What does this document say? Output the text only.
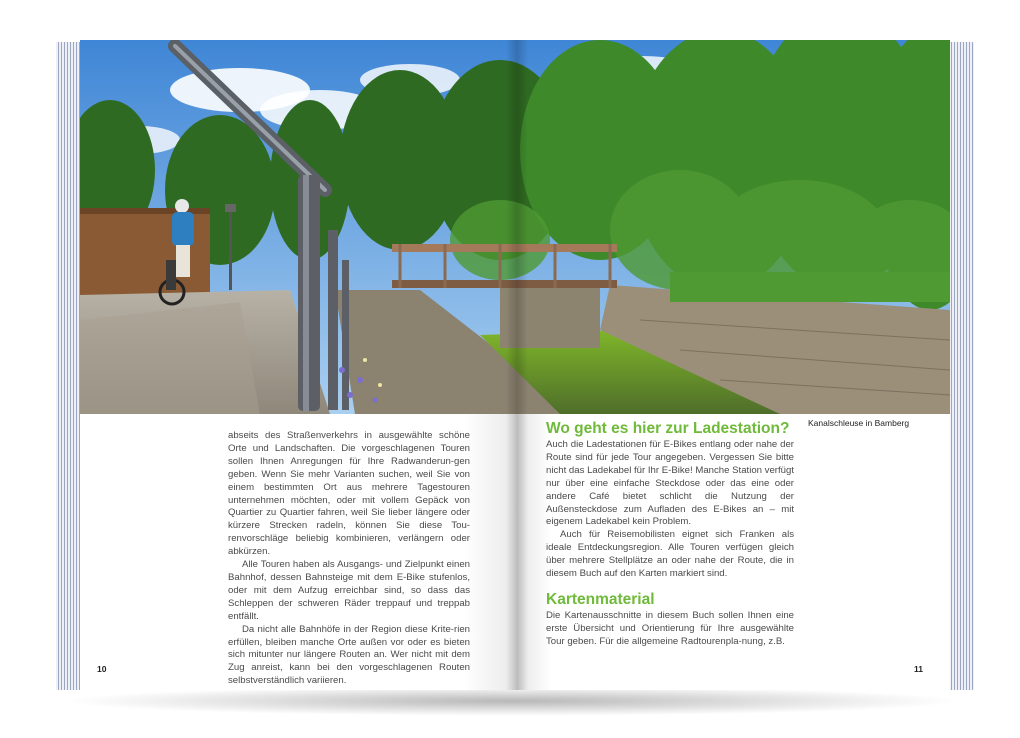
Kanalschleuse in Bamberg

abseits des Straßenverkehrs in ausgewählte schöne Orte und Landschaften. Die vorgeschlagenen Touren sollen Ihnen Anregungen für Ihre Radwanderun-gen geben. Wenn Sie mehr Varianten suchen, weil Sie von einem bestimmten Ort aus mehrere Tagestouren unternehmen möchten, oder mit vollem Gepäck von Quartier zu Quartier fahren, weil Sie lieber längere oder kürzere Strecken radeln, können Sie diese Tou-renvorschläge beliebig kombinieren, verlängern oder abkürzen.

Alle Touren haben als Ausgangs- und Zielpunkt einen Bahnhof, dessen Bahnsteige mit dem E-Bike stufenlos, oder mit dem Aufzug erreichbar sind, so dass das Schleppen der schweren Räder treppauf und treppab entfällt.

Da nicht alle Bahnhöfe in der Region diese Krite-rien erfüllen, bleiben manche Orte außen vor oder es bieten sich mitunter nur längere Routen an. Wer nicht mit dem Zug anreist, kann bei den vorgeschlagenen Routen selbstverständlich variieren.

Wo geht es hier zur Ladestation?

Auch die Ladestationen für E-Bikes entlang oder nahe der Route sind für jede Tour angegeben. Vergessen Sie bitte nicht das Ladekabel für Ihr E-Bike! Manche Station verfügt nur über eine einfache Steckdose oder das eine oder andere Café bietet schlicht die Nutzung der Außensteckdose zum Aufladen des E-Bikes an – mit eigenem Ladekabel kein Problem.

Auch für Reisemobilisten eignet sich Franken als ideale Entdeckungsregion. Alle Touren verfügen gleich über mehrere Stellplätze an oder nahe der Route, die in diesem Buch auf den Karten markiert sind.

Kartenmaterial

Die Kartenausschnitte in diesem Buch sollen Ihnen eine erste Übersicht und Orientierung für Ihre ausgewählte Tour geben. Für die allgemeine Radtourenpla-nung, z.B.

10	11
